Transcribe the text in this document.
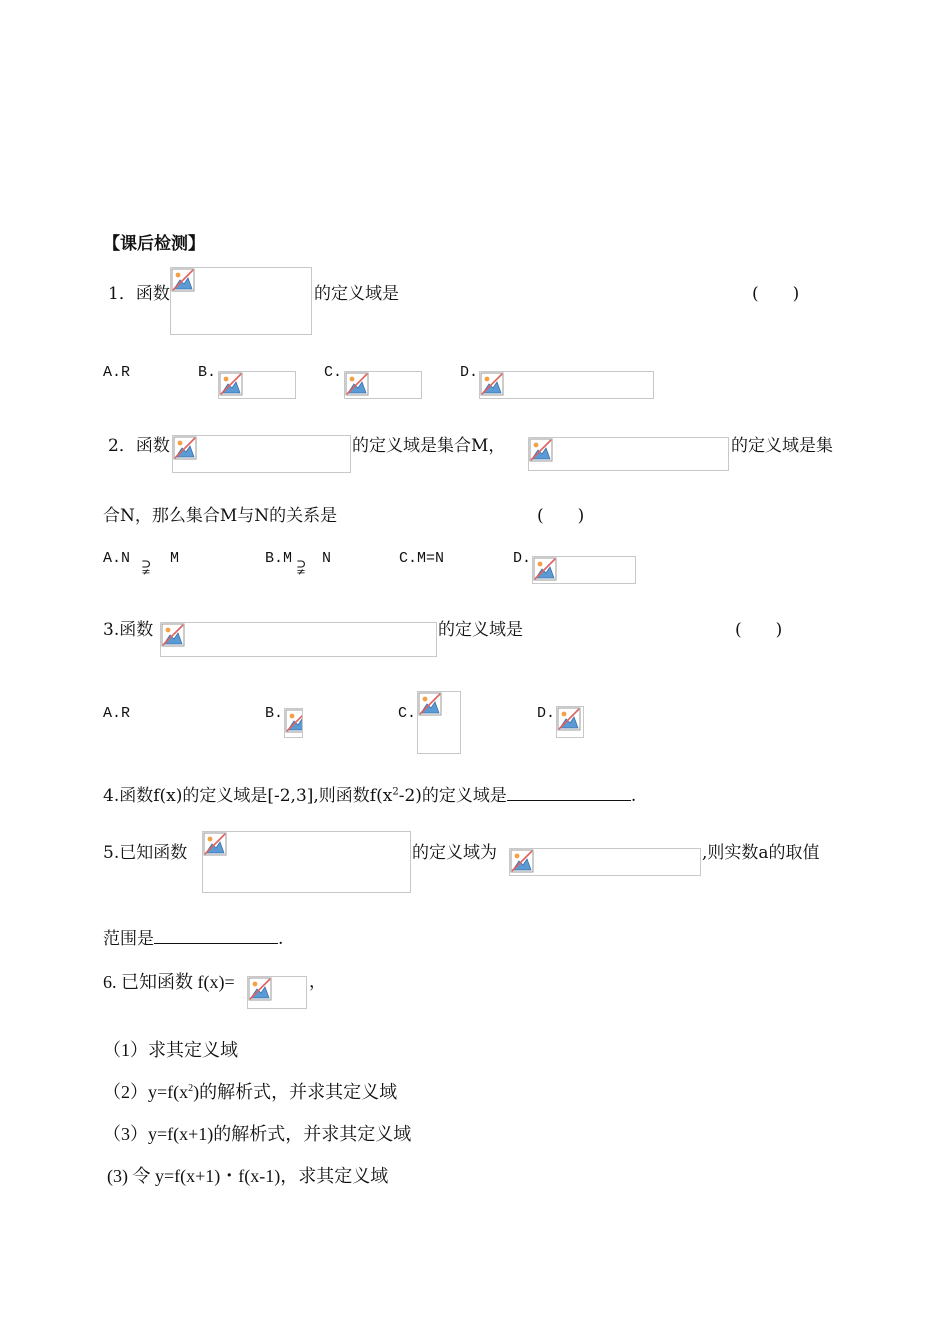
【课后检测】
1．函数	的定义域是	(　　)
A.R	B.	C.	D.
2．函数	的定义域是集合M，	的定义域是集
合N，那么集合M与N的关系是	(　　)
A.N ⫌ M	B.M ⫌ N	C.M=N	D.
3.函数	的定义域是	(　　)
A.R	B.	C.	D.
4.函数f(x)的定义域是[-2,3],则函数$f(x^2-2)$的定义域是	.
5.已知函数	的定义域为	,则实数a的取值
范围是	.
6. 已知函数 f(x)=	，
（1）求其定义域
$(2)y=f(x^2)$的解析式，并求其定义域
（3）y=f(x+1)的解析式，并求其定义域
(3) 令 y=f(x+1)・f(x-1)，求其定义域
